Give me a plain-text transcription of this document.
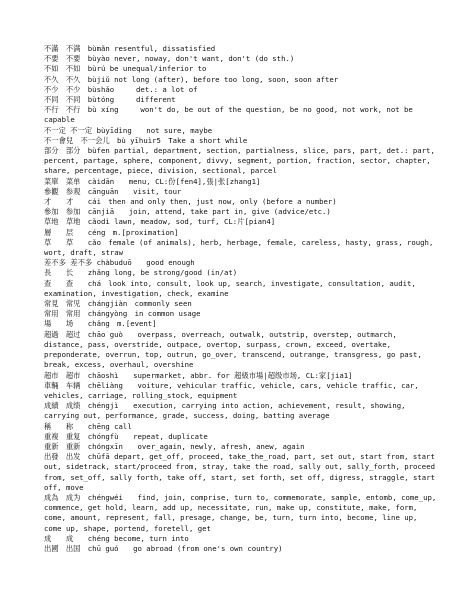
不滿　不满　bùmǎn resentful, dissatisfied

不要　不要　bùyào never, noway, don't want, don't (do sth.)

不如　不如　bùrú be unequal/inferior to

不久　不久　bùjiǔ not long (after), before too long, soon, soon after

不少　不少　bùshǎo　　　det.: a lot of

不同　不同　bùtóng　　　different

不行　不行　bù xíng　　　won't do, be out of the question, be no good, not work, not be capable

不一定 不一定 bùyīdìng　　not sure, maybe

不一會兒　不一会儿　bù yīhuìr5　Take a short while

部分　部分　bùfen partial, department, section, partialness, slice, pars, part, det.: part, percent, partage, sphere, component, divvy, segment, portion, fraction, sector, chapter, share, percentage, piece, division, sectional, parcel

菜單　菜单　càidān　　menu, CL:份[fen4],張|张[zhang1]

參觀　参观　cānguān　　visit, tour

才　　才　　cái　then and only then, just now, only (before a number)

參加　参加　cānjiā　　join, attend, take part in, give (advice/etc.)

草地　草地　cǎodì lawn, meadow, sod, turf, CL:片[pian4]

層　　层　　céng　m.[proximation]

草　　草　　cǎo　female (of animals), herb, herbage, female, careless, hasty, grass, rough, wort, draft, straw

差不多 差不多 chàbuduō　　good enough

長　　长　　zhǎng long, be strong/good (in/at)

查　　查　　chá　look into, consult, look up, search, investigate, consultation, audit, examination, investigation, check, examine

常見　常见　chángjiàn　commonly seen

常用　常用　chángyòng　in common usage

場　　场　　chǎng　m.[event]

超過　超过　chāo guò　　overpass, overreach, outwalk, outstrip, overstep, outmarch, distance, pass, overstride, outpace, overtop, surpass, crown, exceed, overtake, preponderate, overrun, top, outrun, go_over, transcend, outrange, transgress, go past, break, excess, overhaul, overshine

超市　超市　chāoshì　　supermarket, abbr. for 超級市場|超级市场, CL:家[jia1]

車輛　车辆　chēliàng　　voiture, vehicular traffic, vehicle, cars, vehicle traffic, car, vehicles, carriage, rolling_stock, equipment

成績　成绩　chéngjì　　execution, carrying into action, achievement, result, showing, carrying out, performance, grade, success, doing, batting average

稱　　称　　chēng call

重複　重复　chóngfù　　repeat, duplicate

重新　重新　chóngxīn　　over_again, newly, afresh, anew, again

出發　出发　chūfā depart, get_off, proceed, take_the_road, part, set out, start from, start out, sidetrack, start/proceed from, stray, take the road, sally out, sally_forth, proceed from, set_off, sally forth, take off, start, set forth, set off, digress, straggle, start off, move

成為　成为　chéngwéi　　find, join, comprise, turn to, commemorate, sample, entomb, come_up, commence, get hold, learn, add up, necessitate, run, make up, constitute, make, form, come, amount, represent, fall, presage, change, be, turn, turn into, become, line up, come up, shape, portend, foretell, get

成　　成　　chéng become, turn into

出國　出国　chū guó　　go abroad (from one's own country)
